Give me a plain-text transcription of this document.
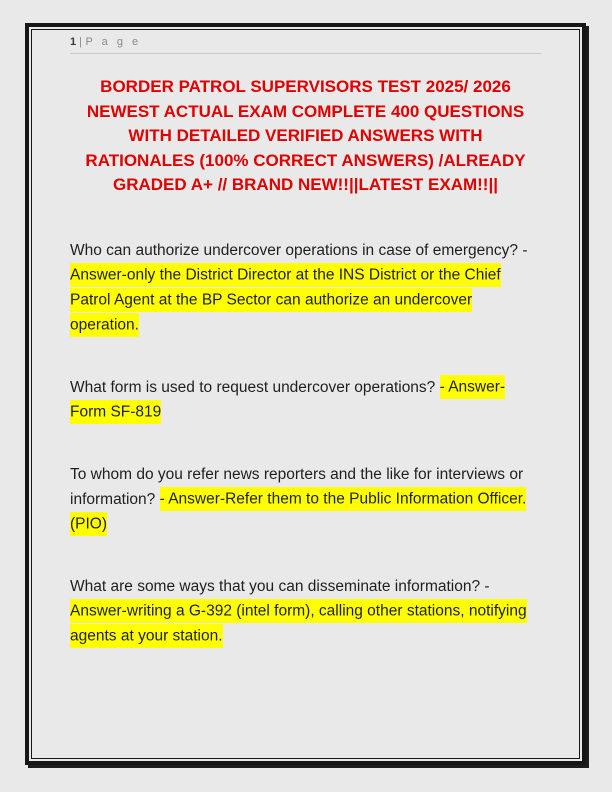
1 | P a g e
BORDER PATROL SUPERVISORS TEST 2025/ 2026
NEWEST ACTUAL EXAM COMPLETE 400 QUESTIONS
WITH DETAILED VERIFIED ANSWERS WITH
RATIONALES (100% CORRECT ANSWERS) /ALREADY
GRADED A+ // BRAND NEW!!||LATEST EXAM!!||

Who can authorize undercover operations in case of emergency? - Answer-only the District Director at the INS District or the Chief Patrol Agent at the BP Sector can authorize an undercover operation.

What form is used to request undercover operations? - Answer-Form SF-819

To whom do you refer news reporters and the like for interviews or information? - Answer-Refer them to the Public Information Officer. (PIO)

What are some ways that you can disseminate information? - Answer-writing a G-392 (intel form), calling other stations, notifying agents at your station.
